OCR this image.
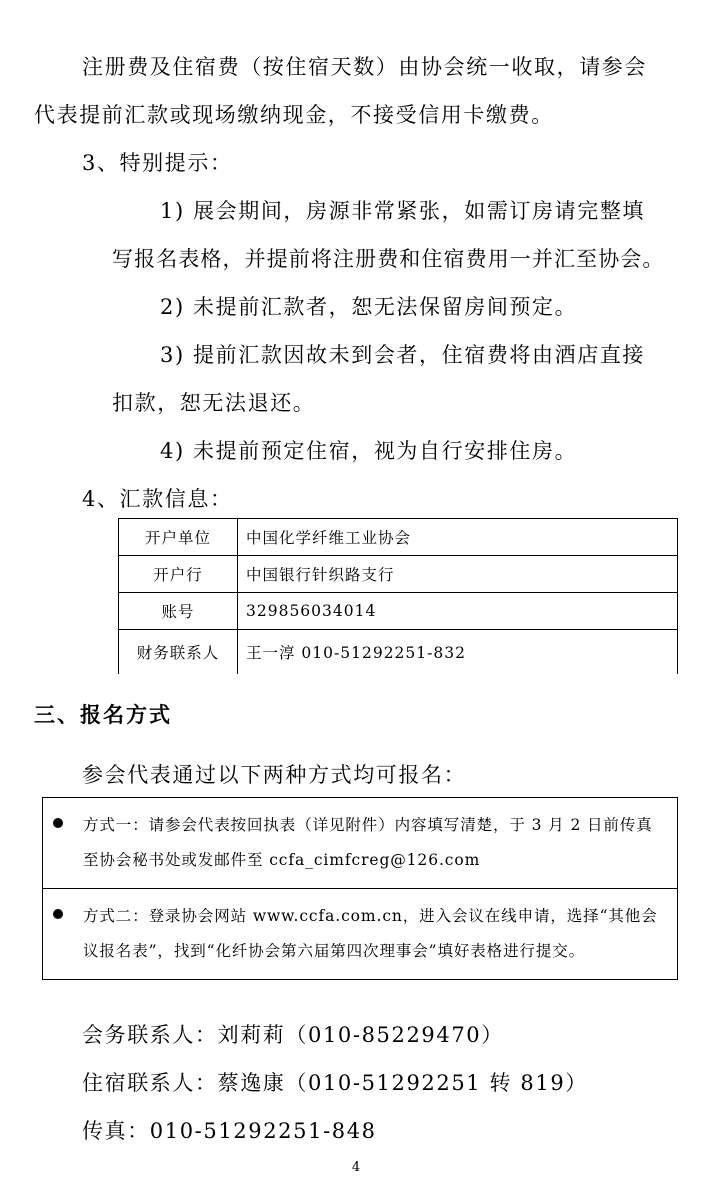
注册费及住宿费（按住宿天数）由协会统一收取，请参会
代表提前汇款或现场缴纳现金，不接受信用卡缴费。
3、特别提示：
1) 展会期间，房源非常紧张，如需订房请完整填
写报名表格，并提前将注册费和住宿费用一并汇至协会。
2) 未提前汇款者，恕无法保留房间预定。
3) 提前汇款因故未到会者，住宿费将由酒店直接
扣款，恕无法退还。
4) 未提前预定住宿，视为自行安排住房。
4、汇款信息：
开户单位	中国化学纤维工业协会
开户行	中国银行针织路支行
账号	329856034014
财务联系人	王一淳 010-51292251-832
三、报名方式
参会代表通过以下两种方式均可报名：
方式一：请参会代表按回执表（详见附件）内容填写清楚，于 3 月 2 日前传真至协会秘书处或发邮件至 ccfa_cimfcreg@126.com
方式二：登录协会网站 www.ccfa.com.cn，进入会议在线申请，选择“其他会议报名表”，找到“化纤协会第六届第四次理事会”填好表格进行提交。
会务联系人：刘莉莉（010-85229470）
住宿联系人：蔡逸康（010-51292251 转 819）
传真：010-51292251-848
4
